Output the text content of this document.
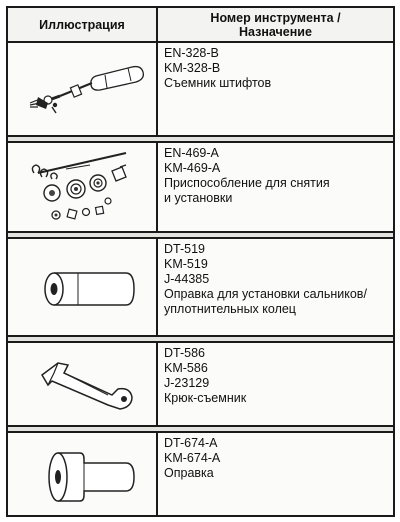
Иллюстрация	Номер инструмента /
Назначение
EN-328-B
KM-328-B
Съемник штифтов
EN-469-A
KM-469-A
Приспособление для снятия
и установки
DT-519
KM-519
J-44385
Оправка для установки сальников/
уплотнительных колец
DT-586
KM-586
J-23129
Крюк-съемник
DT-674-A
KM-674-A
Оправка
